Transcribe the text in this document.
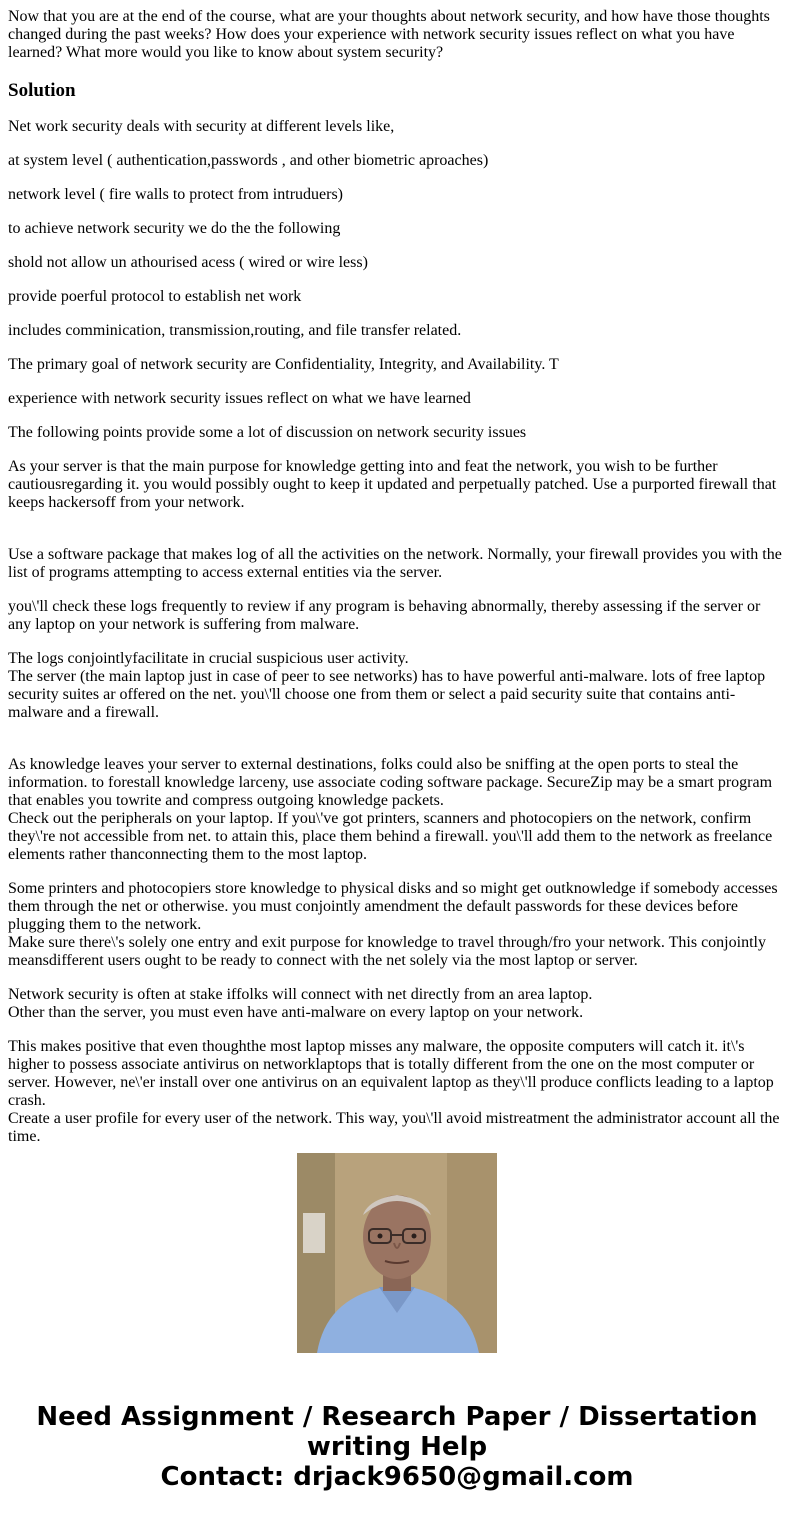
Now that you are at the end of the course, what are your thoughts about network security, and how have those thoughts changed during the past weeks? How does your experience with network security issues reflect on what you have learned? What more would you like to know about system security?
Solution

Net work security deals with security at different levels like,

at system level ( authentication,passwords , and other biometric aproaches)

network level ( fire walls to protect from intruduers)

to achieve network security we do the the following

shold not allow un athourised acess ( wired or wire less)

provide poerful protocol to establish net work

includes comminication, transmission,routing, and file transfer related.

The primary goal of network security are Confidentiality, Integrity, and Availability. T

experience with network security issues reflect on what we have learned

The following points provide some a lot of discussion on network security issues

As your server is that the main purpose for knowledge getting into and feat the network, you wish to be further cautiousregarding it. you would possibly ought to keep it updated and perpetually patched. Use a purported firewall that keeps hackersoff from your network.

Use a software package that makes log of all the activities on the network. Normally, your firewall provides you with the list of programs attempting to access external entities via the server.

you\'ll check these logs frequently to review if any program is behaving abnormally, thereby assessing if the server or any laptop on your network is suffering from malware.

The logs conjointlyfacilitate in crucial suspicious user activity.

The server (the main laptop just in case of peer to see networks) has to have powerful anti-malware. lots of free laptop security suites ar offered on the net. you\'ll choose one from them or select a paid security suite that contains anti-malware and a firewall.

As knowledge leaves your server to external destinations, folks could also be sniffing at the open ports to steal the information. to forestall knowledge larceny, use associate coding software package. SecureZip may be a smart program that enables you towrite and compress outgoing knowledge packets.

Check out the peripherals on your laptop. If you\'ve got printers, scanners and photocopiers on the network, confirm they\'re not accessible from net. to attain this, place them behind a firewall. you\'ll add them to the network as freelance elements rather thanconnecting them to the most laptop.

Some printers and photocopiers store knowledge to physical disks and so might get outknowledge if somebody accesses them through the net or otherwise. you must conjointly amendment the default passwords for these devices before plugging them to the network.

Make sure there\'s solely one entry and exit purpose for knowledge to travel through/fro your network. This conjointly meansdifferent users ought to be ready to connect with the net solely via the most laptop or server.

Network security is often at stake iffolks will connect with net directly from an area laptop.

Other than the server, you must even have anti-malware on every laptop on your network.

This makes positive that even thoughthe most laptop misses any malware, the opposite computers will catch it. it\'s higher to possess associate antivirus on networklaptops that is totally different from the one on the most computer or server. However, ne\'er install over one antivirus on an equivalent laptop as they\'ll produce conflicts leading to a laptop crash.

Create a user profile for every user of the network. This way, you\'ll avoid mistreatment the administrator account all the time.

Need Assignment / Research Paper / Dissertation writing Help
Contact: drjack9650@gmail.com
